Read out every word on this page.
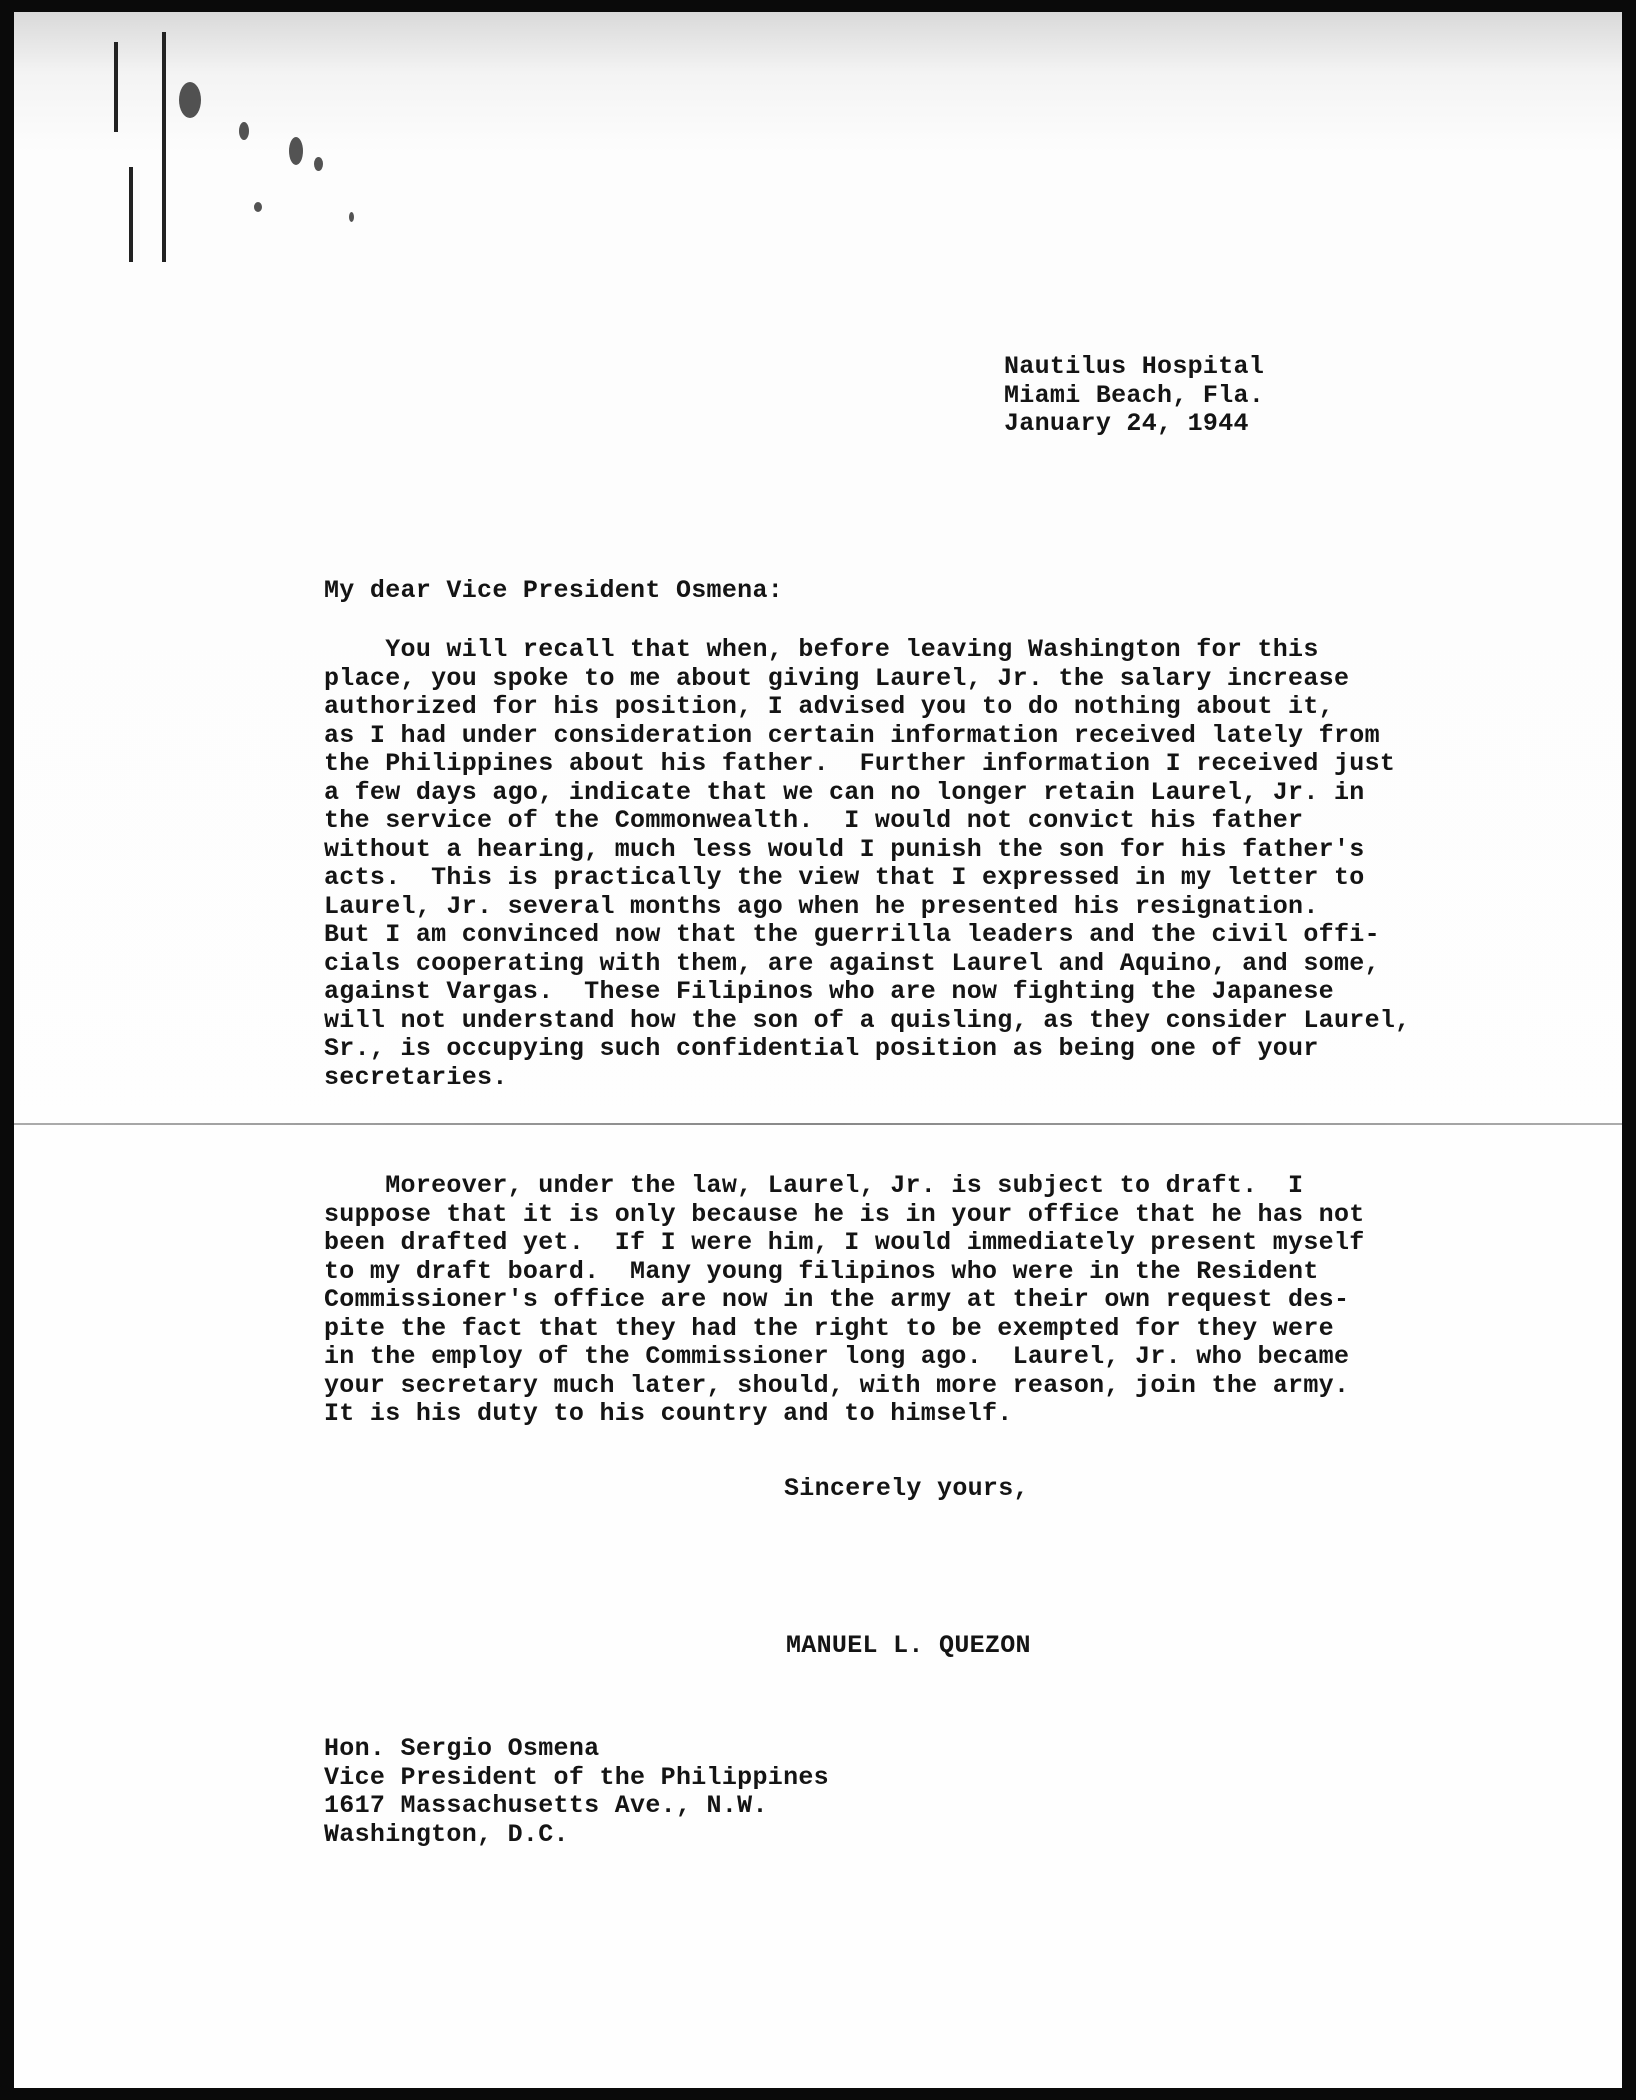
Nautilus Hospital
Miami Beach, Fla.
January 24, 1944
My dear Vice President Osmena:
You will recall that when, before leaving Washington for this
place, you spoke to me about giving Laurel, Jr. the salary increase
authorized for his position, I advised you to do nothing about it,
as I had under consideration certain information received lately from
the Philippines about his father.  Further information I received just
a few days ago, indicate that we can no longer retain Laurel, Jr. in
the service of the Commonwealth.  I would not convict his father
without a hearing, much less would I punish the son for his father's
acts.  This is practically the view that I expressed in my letter to
Laurel, Jr. several months ago when he presented his resignation.
But I am convinced now that the guerrilla leaders and the civil offi-
cials cooperating with them, are against Laurel and Aquino, and some,
against Vargas.  These Filipinos who are now fighting the Japanese
will not understand how the son of a quisling, as they consider Laurel,
Sr., is occupying such confidential position as being one of your
secretaries.
Moreover, under the law, Laurel, Jr. is subject to draft.  I
suppose that it is only because he is in your office that he has not
been drafted yet.  If I were him, I would immediately present myself
to my draft board.  Many young filipinos who were in the Resident
Commissioner's office are now in the army at their own request des-
pite the fact that they had the right to be exempted for they were
in the employ of the Commissioner long ago.  Laurel, Jr. who became
your secretary much later, should, with more reason, join the army.
It is his duty to his country and to himself.
Sincerely yours,
MANUEL L. QUEZON
Hon. Sergio Osmena
Vice President of the Philippines
1617 Massachusetts Ave., N.W.
Washington, D.C.
